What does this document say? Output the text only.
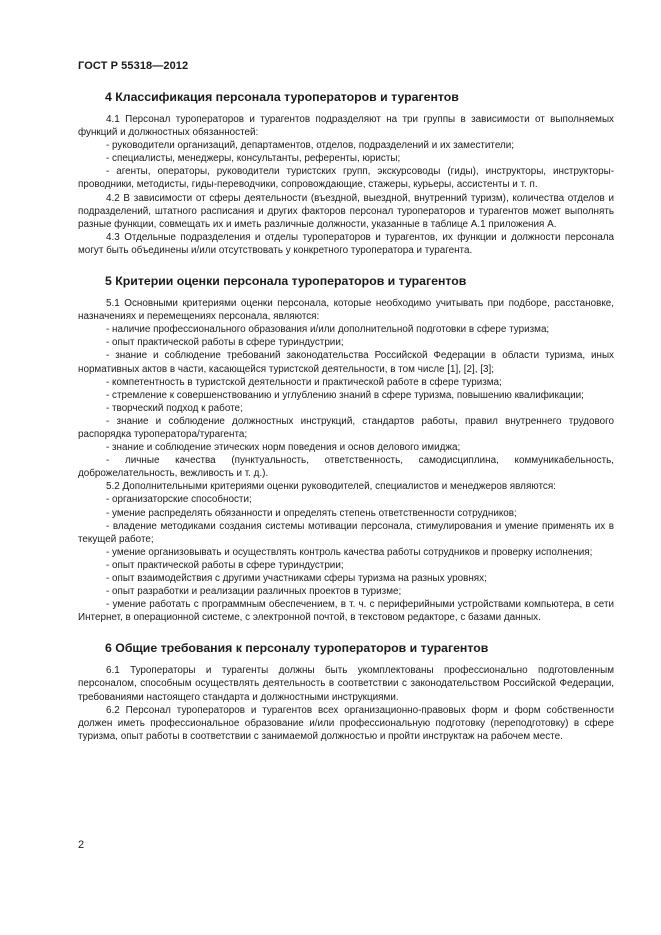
ГОСТ Р 55318—2012
4 Классификация персонала туроператоров и турагентов

4.1 Персонал туроператоров и турагентов подразделяют на три группы в зависимости от выполняемых функций и должностных обязанностей:

- руководители организаций, департаментов, отделов, подразделений и их заместители;

- специалисты, менеджеры, консультанты, референты, юристы;

- агенты, операторы, руководители туристских групп, экскурсоводы (гиды), инструкторы, инструкторы-проводники, методисты, гиды-переводчики, сопровождающие, стажеры, курьеры, ассистенты и т. п.

4.2 В зависимости от сферы деятельности (въездной, выездной, внутренний туризм), количества отделов и подразделений, штатного расписания и других факторов персонал туроператоров и турагентов может выполнять разные функции, совмещать их и иметь различные должности, указанные в таблице А.1 приложения А.

4.3 Отдельные подразделения и отделы туроператоров и турагентов, их функции и должности персонала могут быть объединены и/или отсутствовать у конкретного туроператора и турагента.

5 Критерии оценки персонала туроператоров и турагентов

5.1 Основными критериями оценки персонала, которые необходимо учитывать при подборе, расстановке, назначениях и перемещениях персонала, являются:

- наличие профессионального образования и/или дополнительной подготовки в сфере туризма;

- опыт практической работы в сфере туриндустрии;

- знание и соблюдение требований законодательства Российской Федерации в области туризма, иных нормативных актов в части, касающейся туристской деятельности, в том числе [1], [2], [3];

- компетентность в туристской деятельности и практической работе в сфере туризма;

- стремление к совершенствованию и углублению знаний в сфере туризма, повышению квалификации;

- творческий подход к работе;

- знание и соблюдение должностных инструкций, стандартов работы, правил внутреннего трудового распорядка туроператора/турагента;

- знание и соблюдение этических норм поведения и основ делового имиджа;

- личные качества (пунктуальность, ответственность, самодисциплина, коммуникабельность, доброжелательность, вежливость и т. д.).

5.2 Дополнительными критериями оценки руководителей, специалистов и менеджеров являются:

- организаторские способности;

- умение распределять обязанности и определять степень ответственности сотрудников;

- владение методиками создания системы мотивации персонала, стимулирования и умение применять их в текущей работе;

- умение организовывать и осуществлять контроль качества работы сотрудников и проверку исполнения;

- опыт практической работы в сфере туриндустрии;

- опыт взаимодействия с другими участниками сферы туризма на разных уровнях;

- опыт разработки и реализации различных проектов в туризме;

- умение работать с программным обеспечением, в т. ч. с периферийными устройствами компьютера, в сети Интернет, в операционной системе, с электронной почтой, в текстовом редакторе, с базами данных.

6 Общие требования к персоналу туроператоров и турагентов

6.1 Туроператоры и турагенты должны быть укомплектованы профессионально подготовленным персоналом, способным осуществлять деятельность в соответствии с законодательством Российской Федерации, требованиями настоящего стандарта и должностными инструкциями.

6.2 Персонал туроператоров и турагентов всех организационно-правовых форм и форм собственности должен иметь профессиональное образование и/или профессиональную подготовку (переподготовку) в сфере туризма, опыт работы в соответствии с занимаемой должностью и пройти инструктаж на рабочем месте.

2
